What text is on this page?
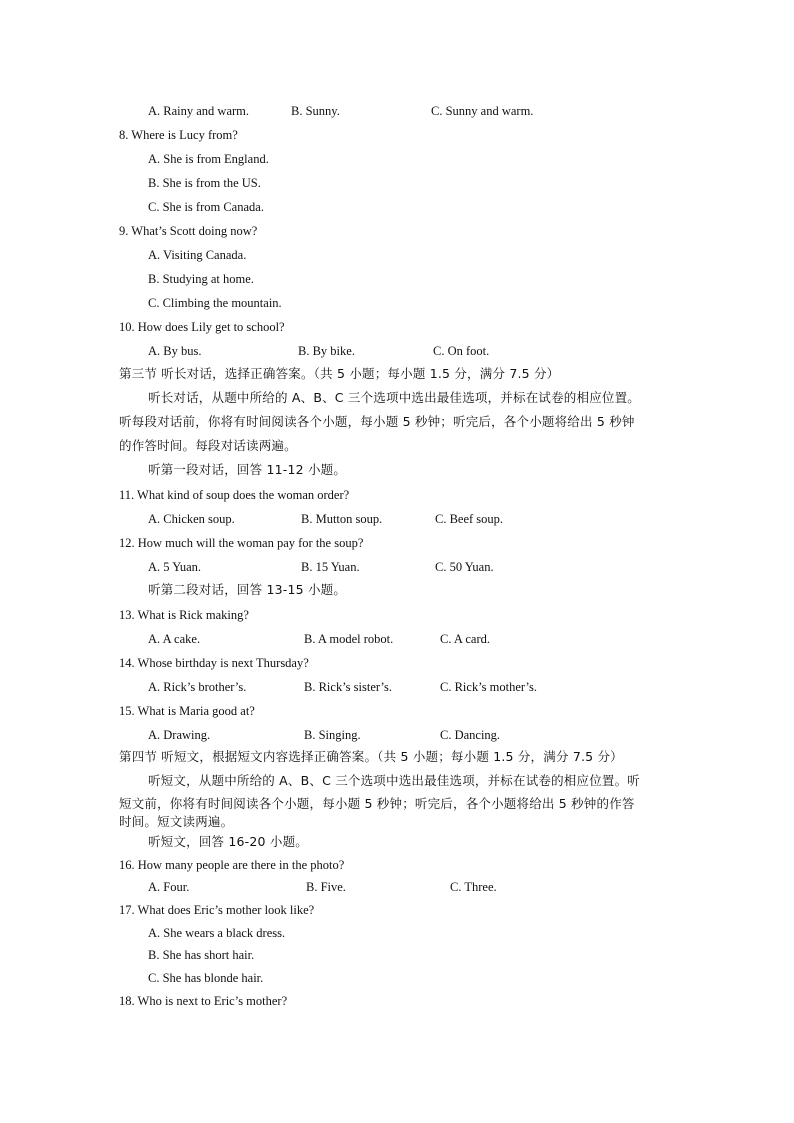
A. Rainy and warm.	B. Sunny.	C. Sunny and warm.
8. Where is Lucy from?
A. She is from England.
B. She is from the US.
C. She is from Canada.
9. What’s Scott doing now?
A. Visiting Canada.
B. Studying at home.
C. Climbing the mountain.
10. How does Lily get to school?
A. By bus.	B. By bike.	C. On foot.
第三节 听长对话，选择正确答案。（共 5 小题；每小题 1.5 分，满分 7.5 分）
听长对话，从题中所给的 A、B、C 三个选项中选出最佳选项，并标在试卷的相应位置。
听每段对话前，你将有时间阅读各个小题，每小题 5 秒钟；听完后，各个小题将给出 5 秒钟
的作答时间。每段对话读两遍。
听第一段对话，回答 11-12 小题。
11. What kind of soup does the woman order?
A. Chicken soup.	B. Mutton soup.	C. Beef soup.
12. How much will the woman pay for the soup?
A. 5 Yuan.	B. 15 Yuan.	C. 50 Yuan.
听第二段对话，回答 13-15 小题。
13. What is Rick making?
A. A cake.	B. A model robot.	C. A card.
14. Whose birthday is next Thursday?
A. Rick’s brother’s.	B. Rick’s sister’s.	C. Rick’s mother’s.
15. What is Maria good at?
A. Drawing.	B. Singing.	C. Dancing.
第四节 听短文，根据短文内容选择正确答案。（共 5 小题；每小题 1.5 分，满分 7.5 分）
听短文，从题中所给的 A、B、C 三个选项中选出最佳选项，并标在试卷的相应位置。听
短文前，你将有时间阅读各个小题，每小题 5 秒钟；听完后，各个小题将给出 5 秒钟的作答
时间。短文读两遍。
听短文，回答 16-20 小题。
16. How many people are there in the photo?
A. Four.	B. Five.	C. Three.
17. What does Eric’s mother look like?
A. She wears a black dress.
B. She has short hair.
C. She has blonde hair.
18. Who is next to Eric’s mother?
